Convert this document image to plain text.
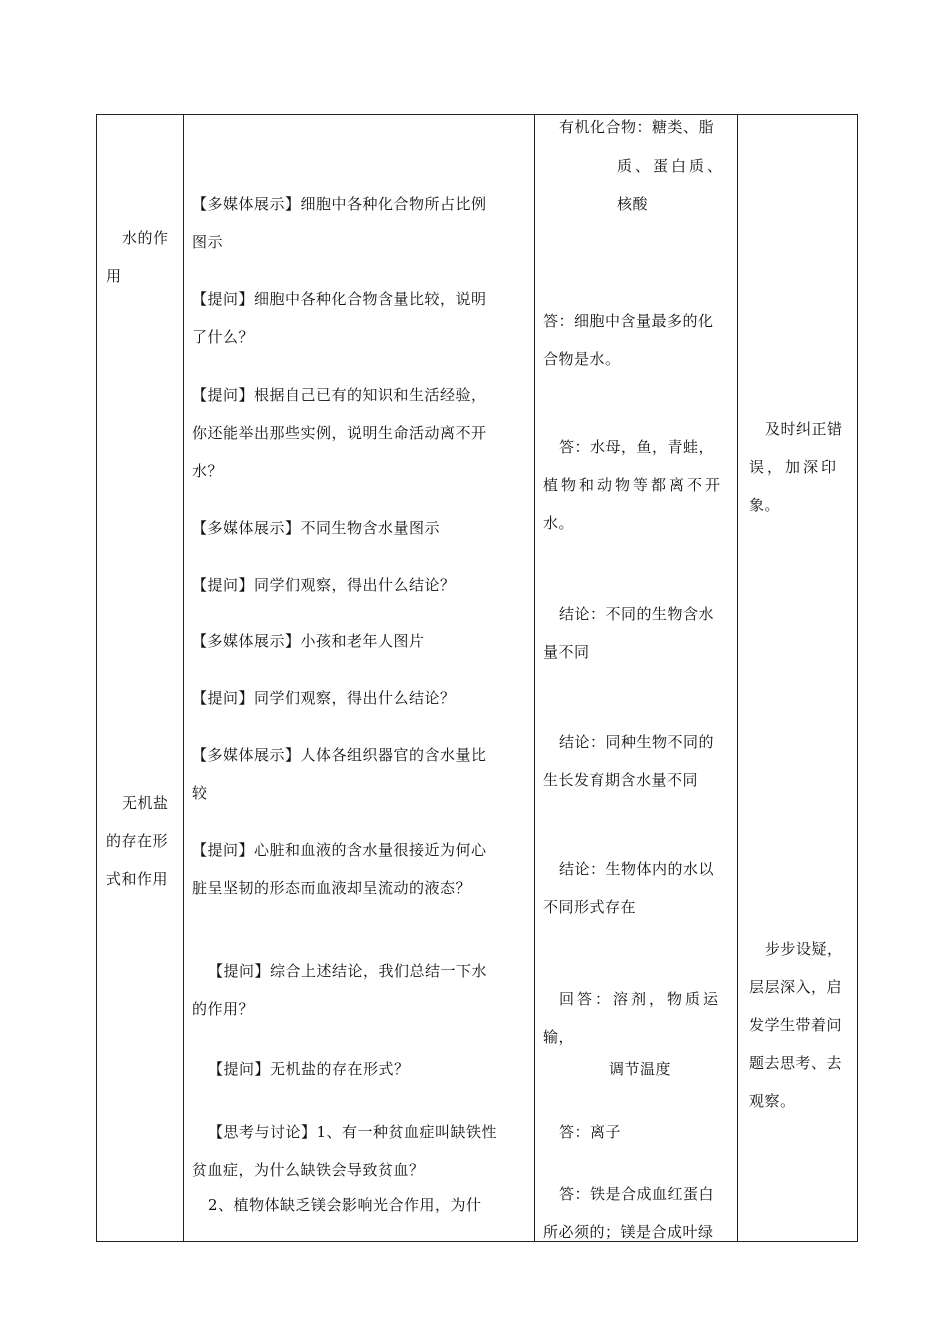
水的作
用
无机盐
的存在形
式和作用
【多媒体展示】细胞中各种化合物所占比例
图示
【提问】细胞中各种化合物含量比较，说明
了什么？
【提问】根据自己已有的知识和生活经验，
你还能举出那些实例，说明生命活动离不开
水？
【多媒体展示】不同生物含水量图示
【提问】同学们观察，得出什么结论？
【多媒体展示】小孩和老年人图片
【提问】同学们观察，得出什么结论？
【多媒体展示】人体各组织器官的含水量比
较
【提问】心脏和血液的含水量很接近为何心
脏呈坚韧的形态而血液却呈流动的液态？
【提问】综合上述结论，我们总结一下水
的作用？
【提问】无机盐的存在形式？
【思考与讨论】1、有一种贫血症叫缺铁性
贫血症，为什么缺铁会导致贫血？
2、植物体缺乏镁会影响光合作用，为什
有机化合物：糖类、脂
质、蛋白质、
核酸
答：细胞中含量最多的化
合物是水。
答：水母，鱼，青蛙，
植物和动物等都离不开
水。
结论：不同的生物含水
量不同
结论：同种生物不同的
生长发育期含水量不同
结论：生物体内的水以
不同形式存在
回答：溶剂，物质运
输，
调节温度
答：离子
答：铁是合成血红蛋白
所必须的；镁是合成叶绿
及时纠正错
误，加深印
象。
步步设疑，
层层深入，启
发学生带着问
题去思考、去
观察。
